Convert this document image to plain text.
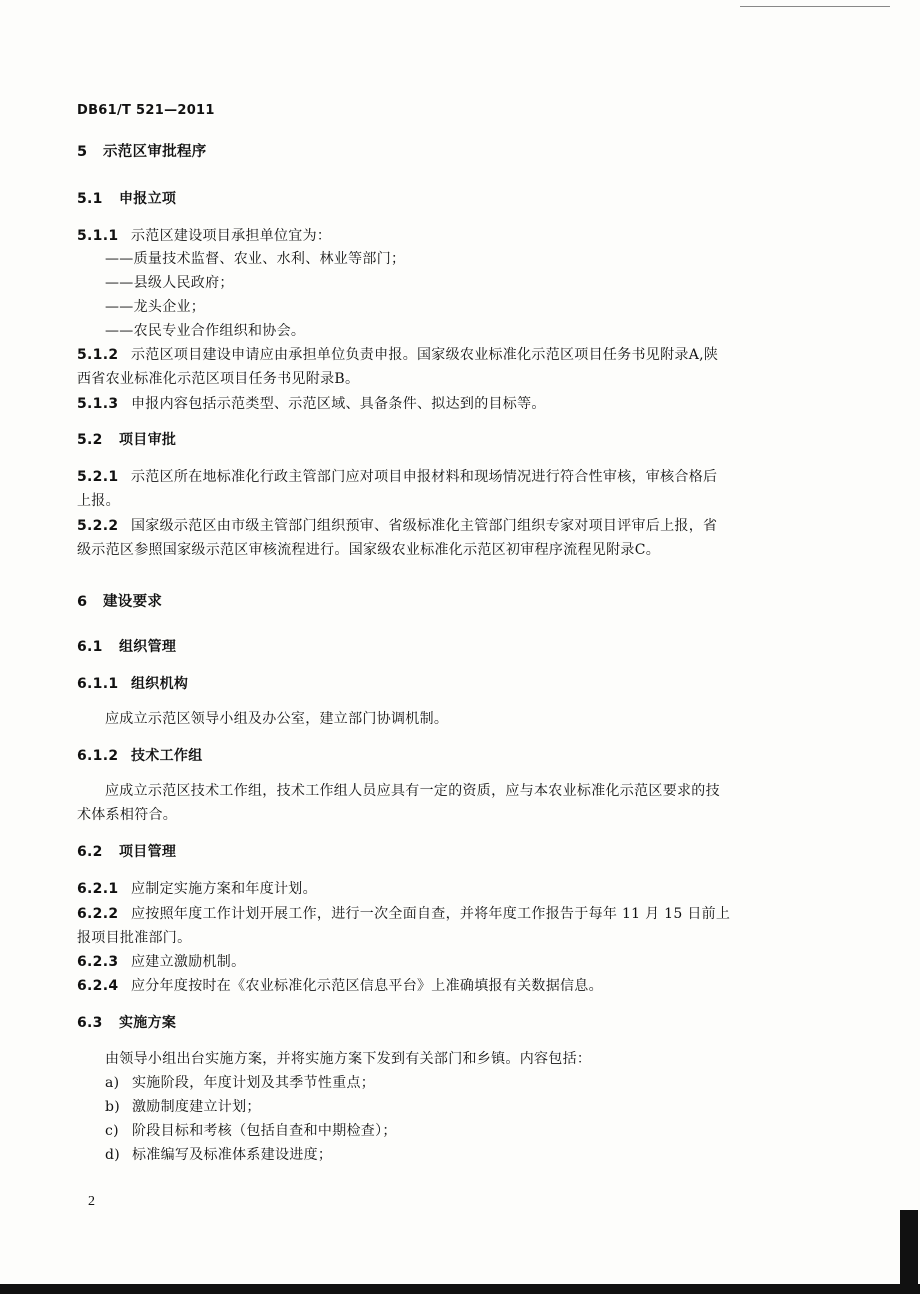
DB61/T 521—2011
5 示范区审批程序
5.1 申报立项
5.1.1 示范区建设项目承担单位宜为：
——质量技术监督、农业、水利、林业等部门；
——县级人民政府；
——龙头企业；
——农民专业合作组织和协会。
5.1.2 示范区项目建设申请应由承担单位负责申报。国家级农业标准化示范区项目任务书见附录A,陕
西省农业标准化示范区项目任务书见附录B。
5.1.3 申报内容包括示范类型、示范区域、具备条件、拟达到的目标等。
5.2 项目审批
5.2.1 示范区所在地标准化行政主管部门应对项目申报材料和现场情况进行符合性审核，审核合格后
上报。
5.2.2 国家级示范区由市级主管部门组织预审、省级标准化主管部门组织专家对项目评审后上报，省
级示范区参照国家级示范区审核流程进行。国家级农业标准化示范区初审程序流程见附录C。
6 建设要求
6.1 组织管理
6.1.1 组织机构
应成立示范区领导小组及办公室，建立部门协调机制。
6.1.2 技术工作组
应成立示范区技术工作组，技术工作组人员应具有一定的资质，应与本农业标准化示范区要求的技
术体系相符合。
6.2 项目管理
6.2.1 应制定实施方案和年度计划。
6.2.2 应按照年度工作计划开展工作，进行一次全面自查，并将年度工作报告于每年 11 月 15 日前上
报项目批准部门。
6.2.3 应建立激励机制。
6.2.4 应分年度按时在《农业标准化示范区信息平台》上准确填报有关数据信息。
6.3 实施方案
由领导小组出台实施方案，并将实施方案下发到有关部门和乡镇。内容包括：
a) 实施阶段，年度计划及其季节性重点；
b) 激励制度建立计划；
c) 阶段目标和考核（包括自查和中期检查）；
d) 标准编写及标准体系建设进度；
2
